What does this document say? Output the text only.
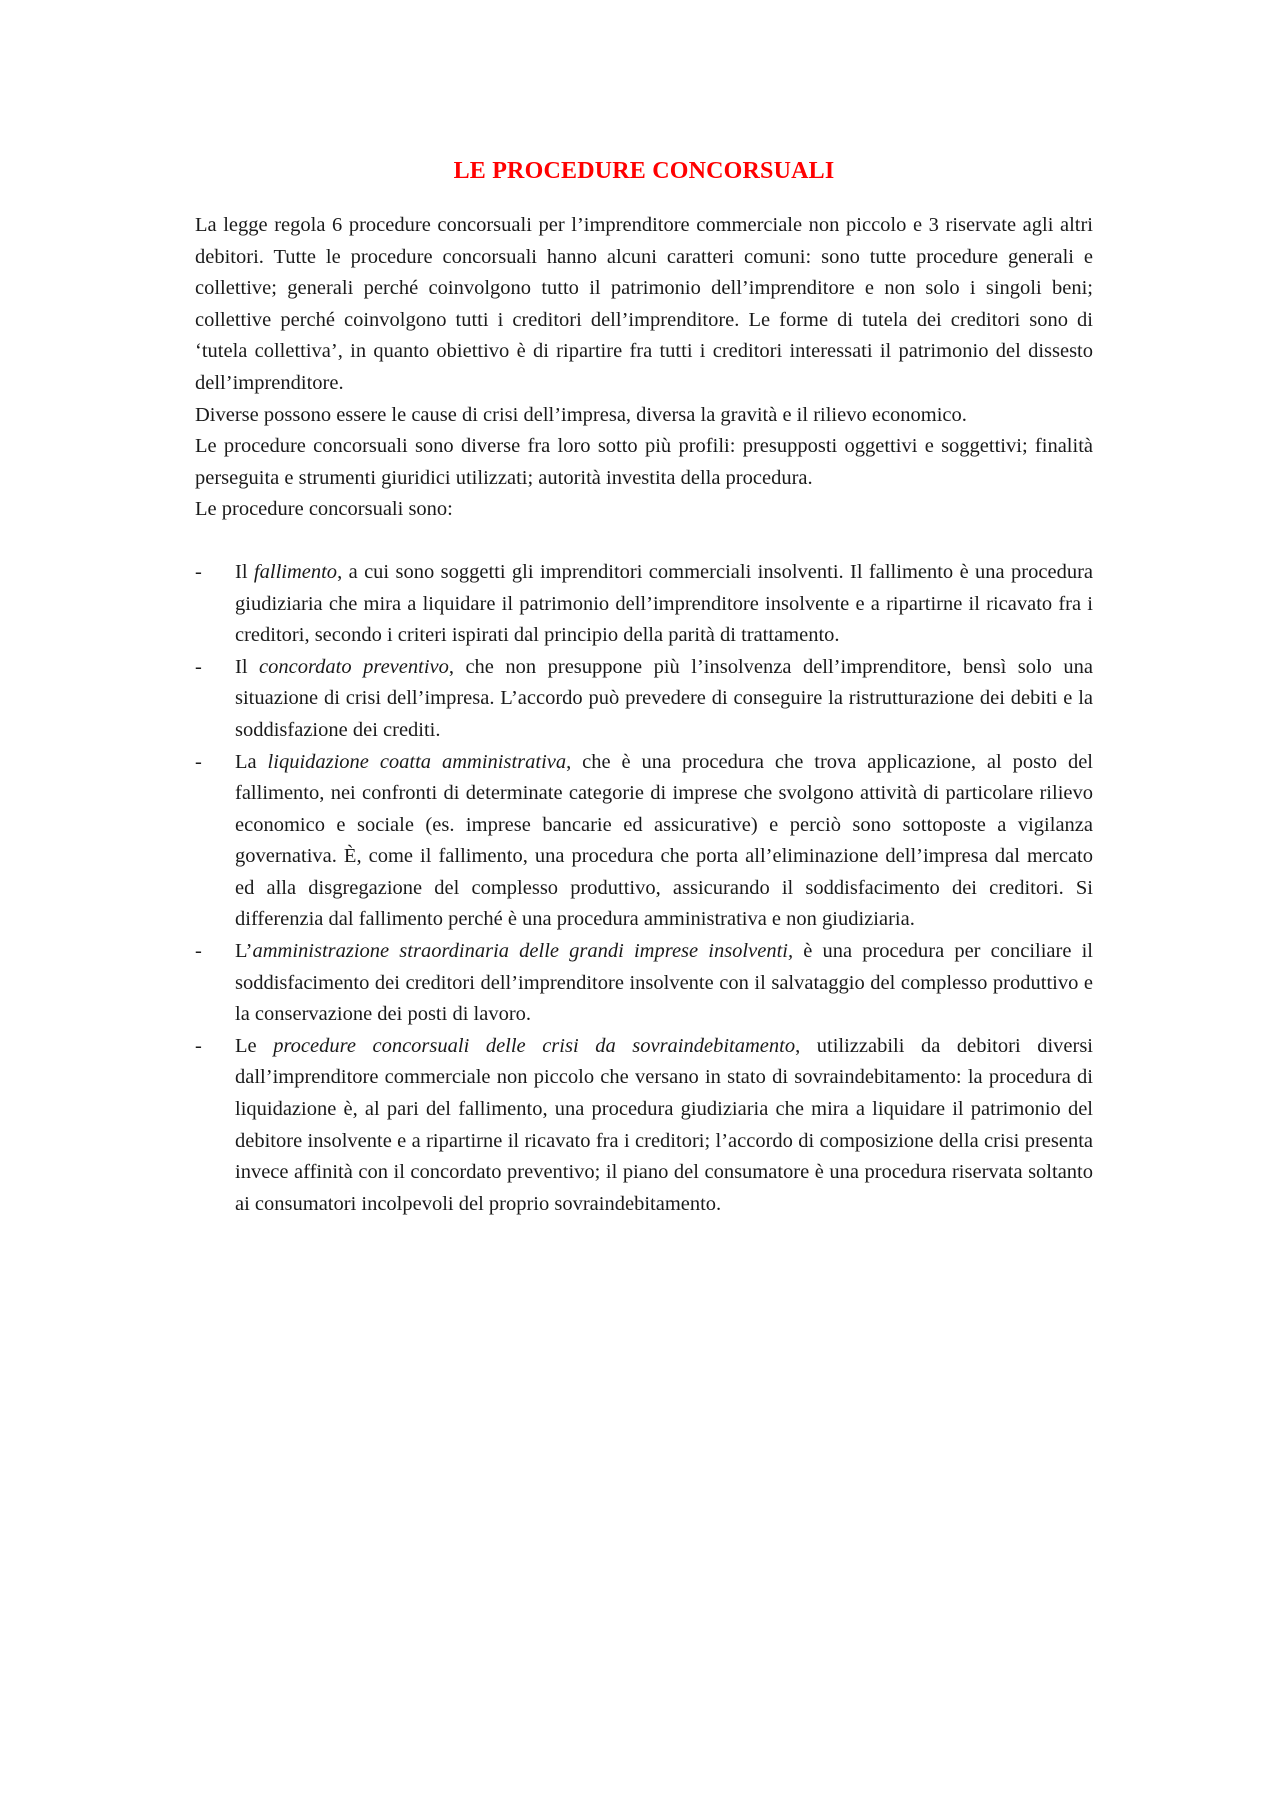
LE PROCEDURE CONCORSUALI

La legge regola 6 procedure concorsuali per l’imprenditore commerciale non piccolo e 3 riservate agli altri debitori. Tutte le procedure concorsuali hanno alcuni caratteri comuni: sono tutte procedure generali e collettive; generali perché coinvolgono tutto il patrimonio dell’imprenditore e non solo i singoli beni; collettive perché coinvolgono tutti i creditori dell’imprenditore. Le forme di tutela dei creditori sono di ‘tutela collettiva’, in quanto obiettivo è di ripartire fra tutti i creditori interessati il patrimonio del dissesto dell’imprenditore.

Diverse possono essere le cause di crisi dell’impresa, diversa la gravità e il rilievo economico.

Le procedure concorsuali sono diverse fra loro sotto più profili: presupposti oggettivi e soggettivi; finalità perseguita e strumenti giuridici utilizzati; autorità investita della procedura.

Le procedure concorsuali sono:

- Il fallimento, a cui sono soggetti gli imprenditori commerciali insolventi. Il fallimento è una procedura giudiziaria che mira a liquidare il patrimonio dell’imprenditore insolvente e a ripartirne il ricavato fra i creditori, secondo i criteri ispirati dal principio della parità di trattamento.
- Il concordato preventivo, che non presuppone più l’insolvenza dell’imprenditore, bensì solo una situazione di crisi dell’impresa. L’accordo può prevedere di conseguire la ristrutturazione dei debiti e la soddisfazione dei crediti.
- La liquidazione coatta amministrativa, che è una procedura che trova applicazione, al posto del fallimento, nei confronti di determinate categorie di imprese che svolgono attività di particolare rilievo economico e sociale (es. imprese bancarie ed assicurative) e perciò sono sottoposte a vigilanza governativa. È, come il fallimento, una procedura che porta all’eliminazione dell’impresa dal mercato ed alla disgregazione del complesso produttivo, assicurando il soddisfacimento dei creditori. Si differenzia dal fallimento perché è una procedura amministrativa e non giudiziaria.
- L’amministrazione straordinaria delle grandi imprese insolventi, è una procedura per conciliare il soddisfacimento dei creditori dell’imprenditore insolvente con il salvataggio del complesso produttivo e la conservazione dei posti di lavoro.
- Le procedure concorsuali delle crisi da sovraindebitamento, utilizzabili da debitori diversi dall’imprenditore commerciale non piccolo che versano in stato di sovraindebitamento: la procedura di liquidazione è, al pari del fallimento, una procedura giudiziaria che mira a liquidare il patrimonio del debitore insolvente e a ripartirne il ricavato fra i creditori; l’accordo di composizione della crisi presenta invece affinità con il concordato preventivo; il piano del consumatore è una procedura riservata soltanto ai consumatori incolpevoli del proprio sovraindebitamento.
